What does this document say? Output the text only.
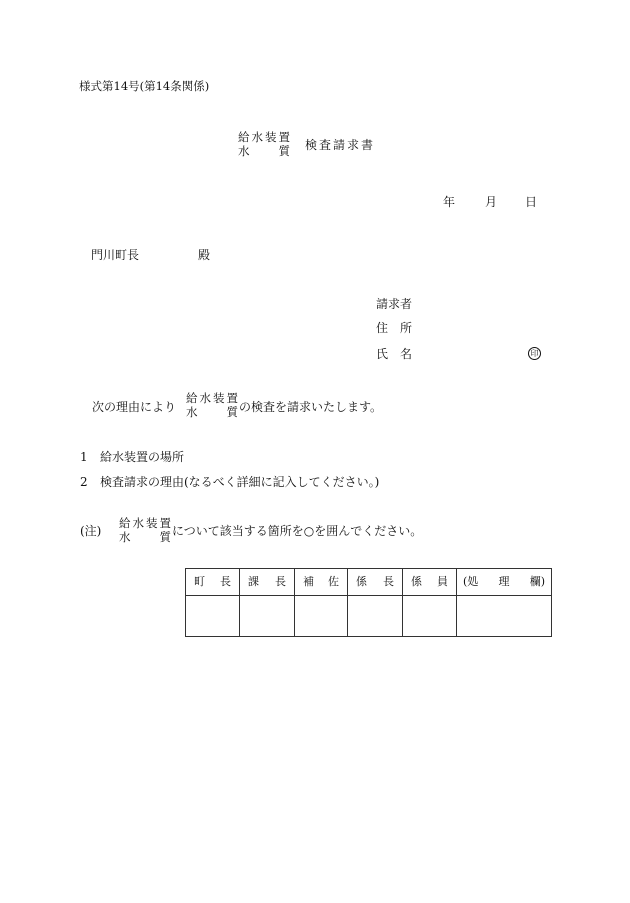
様式第14号(第14条関係)
給 水 装 置
水	質 検査請求書
年 月 日
門川町長	殿
請求者
住 所
氏 名	印
次の理由により
給 水 装 置
水	質 の検査を請求いたします。
1 給水装置の場所
2 検査請求の理由(なるべく詳細に記入してください。)
(注)
給 水 装 置
水	質 について該当する箇所を○を囲んでください。
町 長	課 長	補 佐	係 長	係 員	(処 理 欄)
